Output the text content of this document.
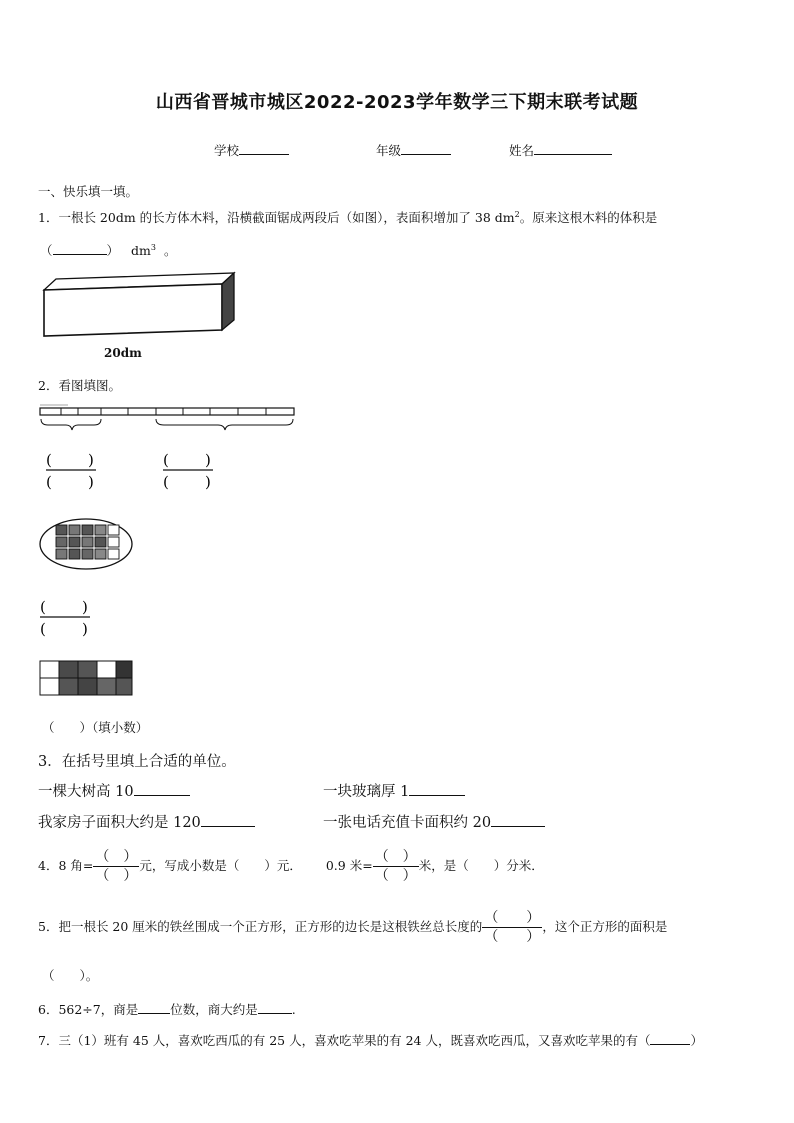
山西省晋城市城区2022-2023学年数学三下期末联考试题
学校	年级	姓名
一、快乐填一填。
1．一根长 20dm 的长方体木料，沿横截面锯成两段后（如图），表面积增加了 38 $dm^2$。原来这根木料的体积是
（	） $dm^3$ 。
20dm
2．看图填图。
( )
( )
( )
( )
( )
( )
（　　）（填小数）
3．在括号里填上合适的单位。
一棵大树高 10	一块玻璃厚 1
我家房子面积大约是 120	一张电话充值卡面积约 20
4．8 角= $\frac{( )}{( )}$ 元，写成小数是（　　）元． 0.9 米= $\frac{( )}{( )}$ 米，是（　　）分米．
5．把一根长 20 厘米的铁丝围成一个正方形，正方形的边长是这根铁丝总长度的 $\frac{( )}{( )}$ ，这个正方形的面积是
（　　）。
6．562÷7，商是	位数，商大约是	.
7．三（1）班有 45 人，喜欢吃西瓜的有 25 人，喜欢吃苹果的有 24 人，既喜欢吃西瓜，又喜欢吃苹果的有（	）
